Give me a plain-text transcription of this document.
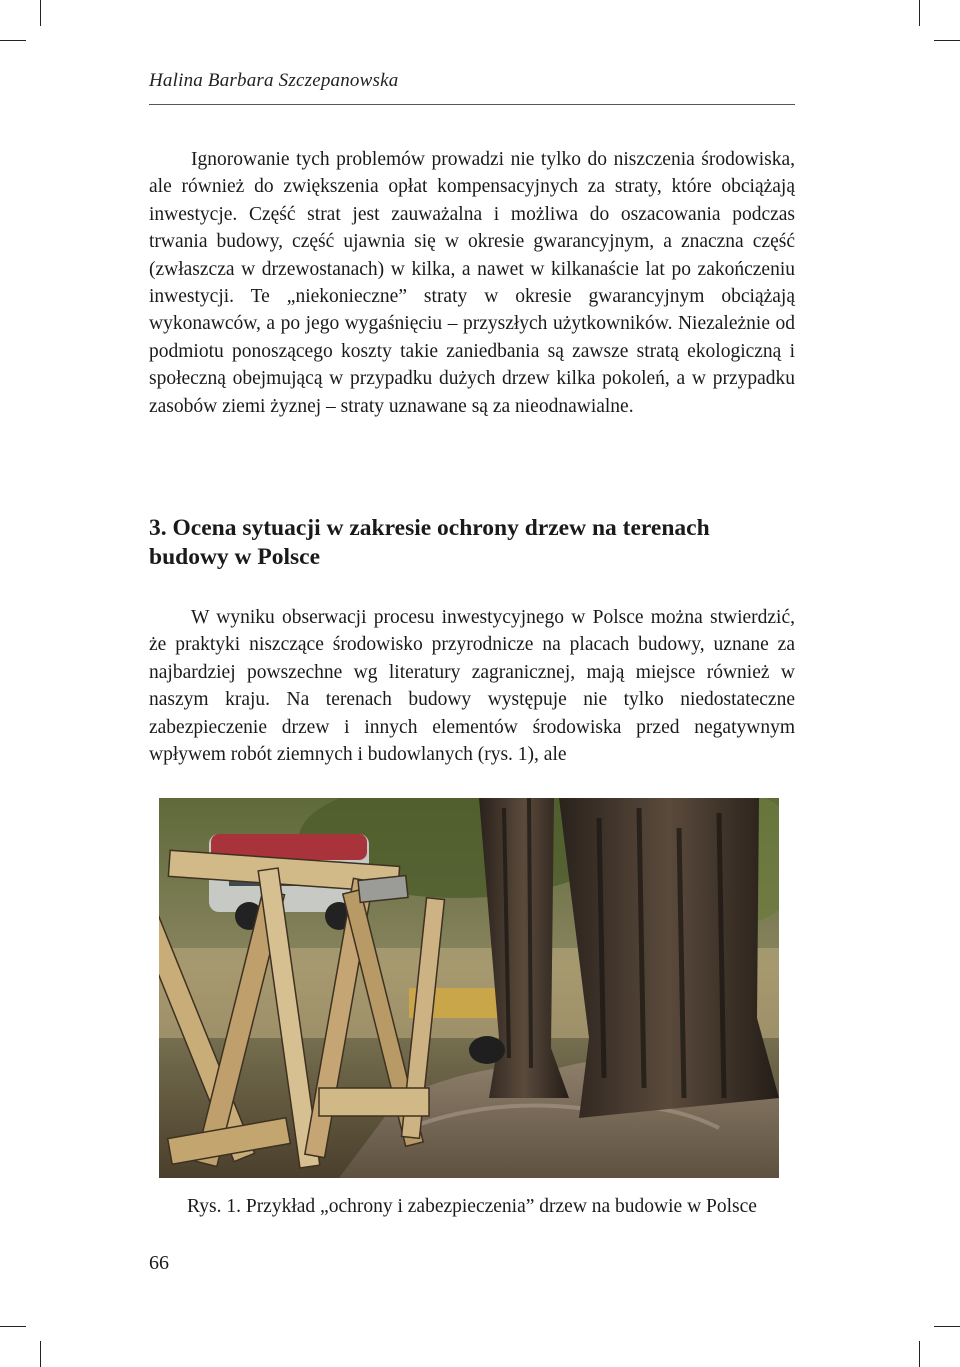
Halina Barbara Szczepanowska

Ignorowanie tych problemów prowadzi nie tylko do niszczenia środowiska, ale również do zwiększenia opłat kompensacyjnych za straty, które obciążają inwestycje. Część strat jest zauważalna i możliwa do oszacowania podczas trwania budowy, część ujawnia się w okresie gwarancyjnym, a znaczna część (zwłaszcza w drzewostanach) w kilka, a nawet w kilkanaście lat po zakończeniu inwestycji. Te „niekonieczne” straty w okresie gwarancyjnym obciążają wykonawców, a po jego wygaśnięciu – przyszłych użytkowników. Niezależnie od podmiotu ponoszącego koszty takie zaniedbania są zawsze stratą ekologiczną i społeczną obejmującą w przypadku dużych drzew kilka pokoleń, a w przypadku zasobów ziemi żyznej – straty uznawane są za nieodnawialne.

3. Ocena sytuacji w zakresie ochrony drzew na terenach budowy w Polsce

W wyniku obserwacji procesu inwestycyjnego w Polsce można stwierdzić, że praktyki niszczące środowisko przyrodnicze na placach budowy, uznane za najbardziej powszechne wg literatury zagranicznej, mają miejsce również w naszym kraju. Na terenach budowy występuje nie tylko niedostateczne zabezpieczenie drzew i innych elementów środowiska przed negatywnym wpływem robót ziemnych i budowlanych (rys. 1), ale

Rys. 1. Przykład „ochrony i zabezpieczenia” drzew na budowie w Polsce
66
